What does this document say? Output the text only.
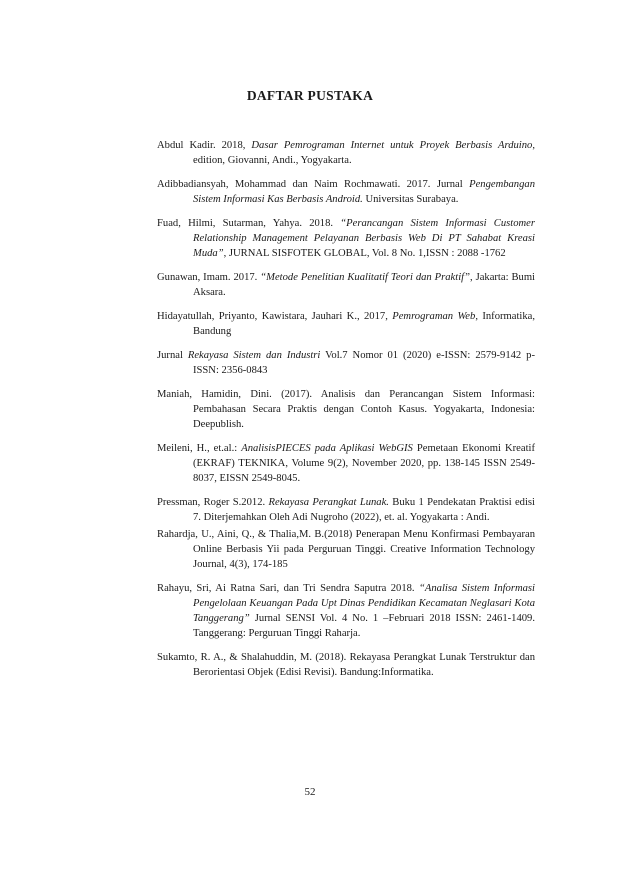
DAFTAR PUSTAKA

Abdul Kadir. 2018, Dasar Pemrograman Internet untuk Proyek Berbasis Arduino, edition, Giovanni, Andi., Yogyakarta.

Adibbadiansyah, Mohammad dan Naim Rochmawati. 2017. Jurnal Pengembangan Sistem Informasi Kas Berbasis Android. Universitas Surabaya.

Fuad, Hilmi, Sutarman, Yahya. 2018. “Perancangan Sistem Informasi Customer Relationship Management Pelayanan Berbasis Web Di PT Sahabat Kreasi Muda”, JURNAL SISFOTEK GLOBAL, Vol. 8 No. 1,ISSN : 2088 -1762

Gunawan, Imam. 2017. “Metode Penelitian Kualitatif Teori dan Praktif”, Jakarta: Bumi Aksara.

Hidayatullah, Priyanto, Kawistara, Jauhari K., 2017, Pemrograman Web, Informatika, Bandung

Jurnal Rekayasa Sistem dan Industri Vol.7 Nomor 01 (2020) e-ISSN: 2579-9142 p-ISSN: 2356-0843

Maniah, Hamidin, Dini. (2017). Analisis dan Perancangan Sistem Informasi: Pembahasan Secara Praktis dengan Contoh Kasus. Yogyakarta, Indonesia: Deepublish.

Meileni, H., et.al.: AnalisisPIECES pada Aplikasi WebGIS Pemetaan Ekonomi Kreatif (EKRAF) TEKNIKA, Volume 9(2), November 2020, pp. 138-145 ISSN 2549-8037, EISSN 2549-8045.

Pressman, Roger S.2012. Rekayasa Perangkat Lunak. Buku 1 Pendekatan Praktisi edisi 7. Diterjemahkan Oleh Adi Nugroho (2022), et. al. Yogyakarta : Andi.

Rahardja, U., Aini, Q., & Thalia,M. B.(2018) Penerapan Menu Konfirmasi Pembayaran Online Berbasis Yii pada Perguruan Tinggi. Creative Information Technology Journal, 4(3), 174-185

Rahayu, Sri, Ai Ratna Sari, dan Tri Sendra Saputra 2018. “Analisa Sistem Informasi Pengelolaan Keuangan Pada Upt Dinas Pendidikan Kecamatan Neglasari Kota Tanggerang” Jurnal SENSI Vol. 4 No. 1 –Februari 2018 ISSN: 2461-1409. Tanggerang: Perguruan Tinggi Raharja.

Sukamto, R. A., & Shalahuddin, M. (2018). Rekayasa Perangkat Lunak Terstruktur dan Berorientasi Objek (Edisi Revisi). Bandung:Informatika.

52
